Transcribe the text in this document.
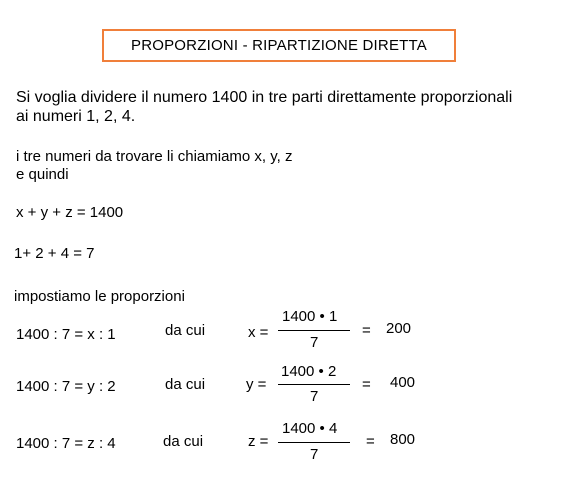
PROPORZIONI - RIPARTIZIONE DIRETTA
Si voglia dividere il numero 1400 in tre parti direttamente proporzionali
ai numeri 1, 2, 4.
i tre numeri da trovare li chiamiamo x, y, z
e quindi
x + y + z = 1400
1+ 2 + 4 = 7
impostiamo le proporzioni
1400 : 7 = x : 1	da cui	x =
1400 • 1
7
= 200
1400 : 7 = y : 2	da cui	y =
1400 • 2
7
= 400
1400 : 7 = z : 4	da cui	z =
1400 • 4
7
= 800
